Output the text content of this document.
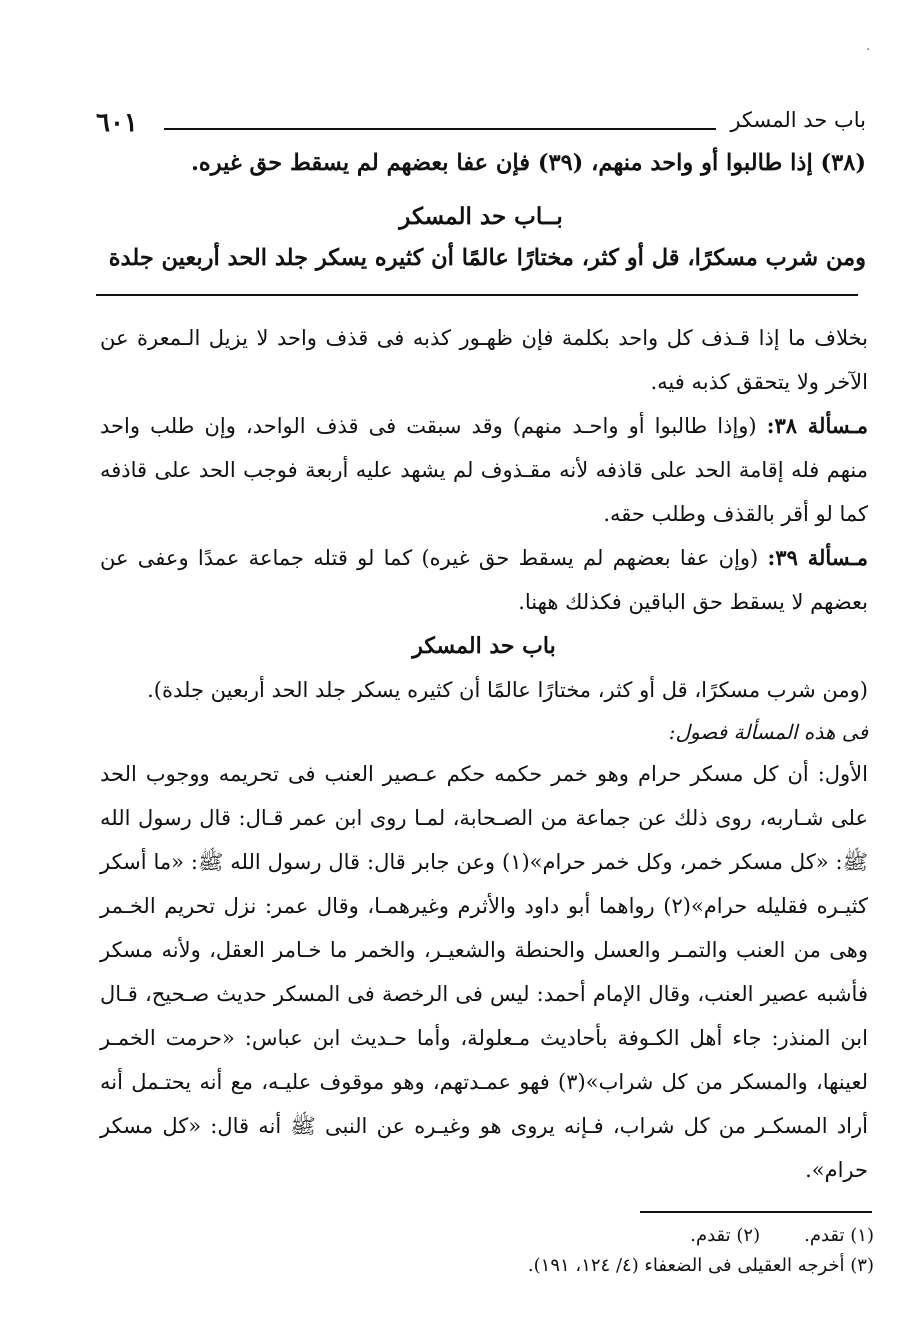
·
٦٠١	باب حد المسكر
(٣٨) إذا طالبوا أو واحد منهم، (٣٩) فإن عفا بعضهم لم يسقط حق غيره.
بــاب حد المسكر
ومن شرب مسكرًا، قل أو كثر، مختارًا عالمًا أن كثيره يسكر جلد الحد أربعين جلدة

بخلاف ما إذا قـذف كل واحد بكلمة فإن ظهـور كذبه فى قذف واحد لا يزيل الـمعرة عن الآخر ولا يتحقق كذبه فيه.

مـسألة ٣٨: (وإذا طالبوا أو واحـد منهم) وقد سبقت فى قذف الواحد، وإن طلب واحد منهم فله إقامة الحد على قاذفه لأنه مقـذوف لم يشهد عليه أربعة فوجب الحد على قاذفه كما لو أقر بالقذف وطلب حقه.

مـسألة ٣٩: (وإن عفا بعضهم لم يسقط حق غيره) كما لو قتله جماعة عمدًا وعفى عن بعضهم لا يسقط حق الباقين فكذلك ههنا.

باب حد المسكر

(ومن شرب مسكرًا، قل أو كثر، مختارًا عالمًا أن كثيره يسكر جلد الحد أربعين جلدة).

فى هذه المسألة فصول:

الأول: أن كل مسكر حرام وهو خمر حكمه حكم عـصير العنب فى تحريمه ووجوب الحد على شـاربه، روى ذلك عن جماعة من الصـحابة، لمـا روى ابن عمر قـال: قال رسول الله ﷺ: «كل مسكر خمر، وكل خمر حرام»(١) وعن جابر قال: قال رسول الله ﷺ: «ما أسكر كثيـره فقليله حرام»(٢) رواهما أبو داود والأثرم وغيرهمـا، وقال عمر: نزل تحريم الخـمر وهى من العنب والتمـر والعسل والحنطة والشعيـر، والخمر ما خـامر العقل، ولأنه مسكر فأشبه عصير العنب، وقال الإمام أحمد: ليس فى الرخصة فى المسكر حديث صـحيح، قـال ابن المنذر: جاء أهل الكـوفة بأحاديث مـعلولة، وأما حـديث ابن عباس: «حرمت الخمـر لعينها، والمسكر من كل شراب»(٣) فهو عمـدتهم، وهو موقوف عليـه، مع أنه يحتـمل أنه أراد المسكـر من كل شراب، فـإنه يروى هو وغيـره عن النبى ﷺ أنه قال: «كل مسكر حرام».

(١) تقدم.(٢) تقدم.
(٣) أخرجه العقيلى فى الضعفاء (٤/ ١٢٤، ١٩١).
